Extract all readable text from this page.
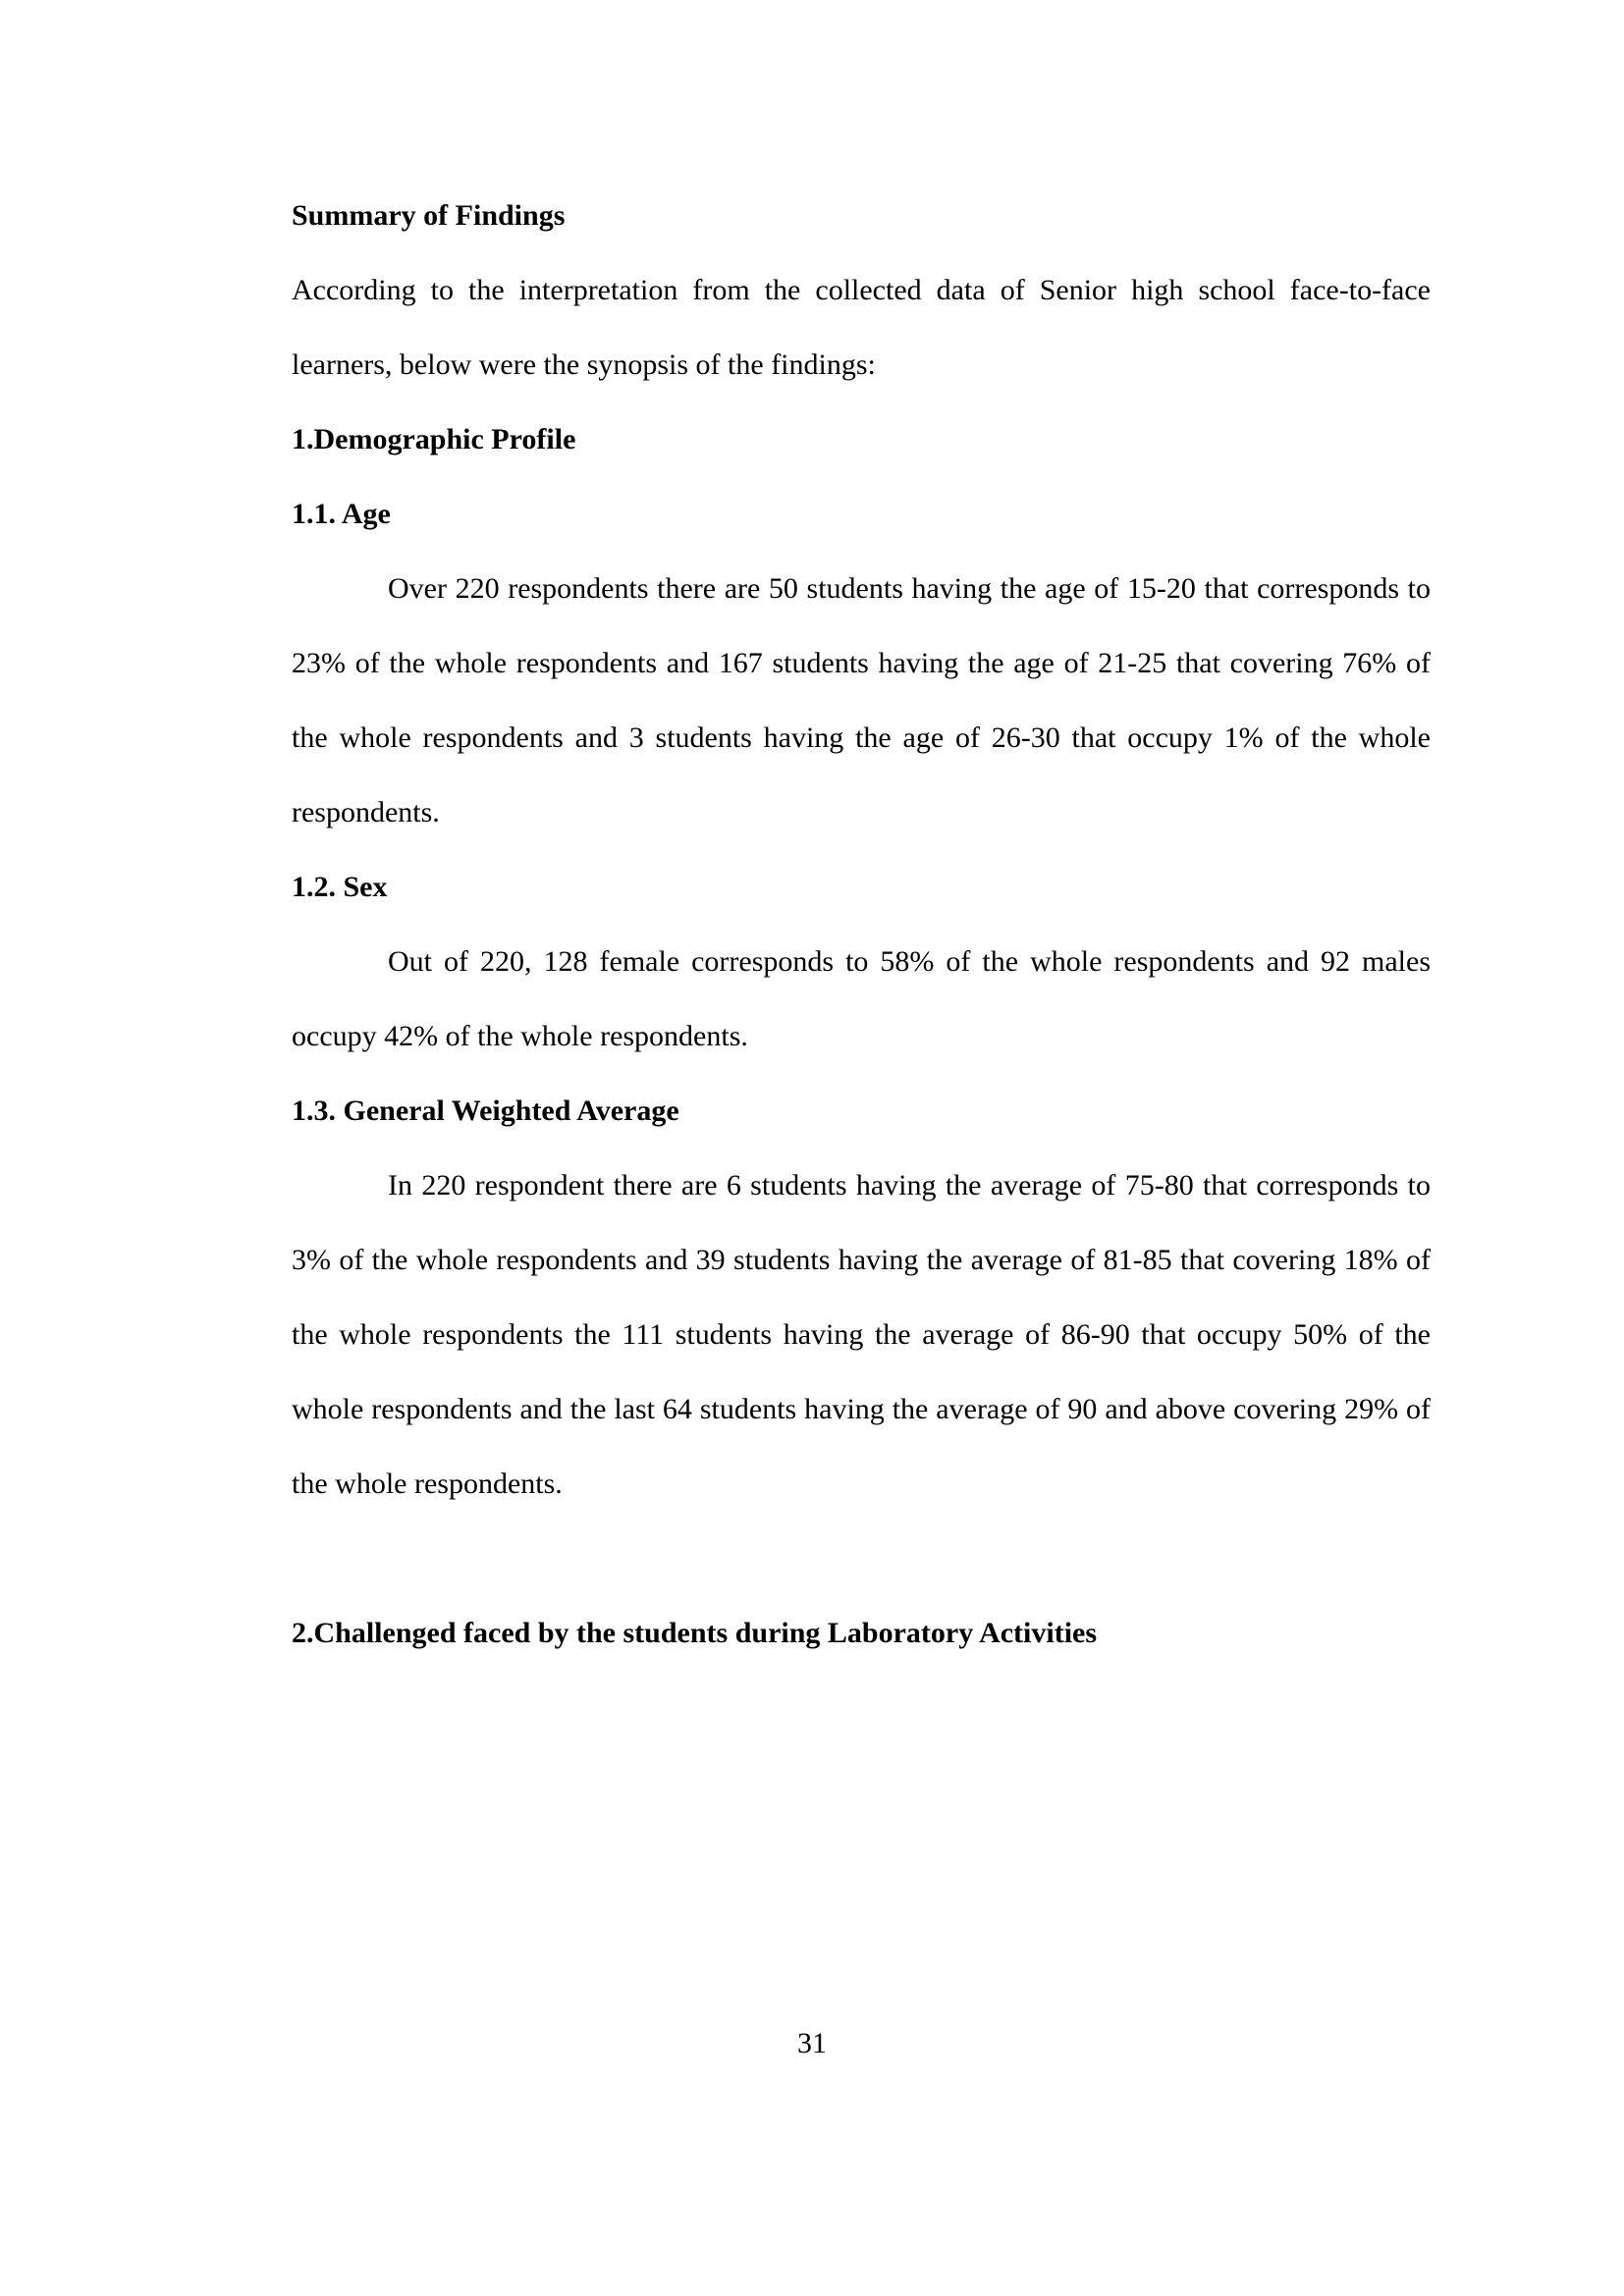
Summary of Findings

According to the interpretation from the collected data of Senior high school face-to-face learners, below were the synopsis of the findings:

1.Demographic Profile
1.1. Age

Over 220 respondents there are 50 students having the age of 15-20 that corresponds to 23% of the whole respondents and 167 students having the age of 21-25 that covering 76% of the whole respondents and 3 students having the age of 26-30 that occupy 1% of the whole respondents.

1.2. Sex

Out of 220, 128 female corresponds to 58% of the whole respondents and 92 males occupy 42% of the whole respondents.

1.3. General Weighted Average

In 220 respondent there are 6 students having the average of 75-80 that corresponds to 3% of the whole respondents and 39 students having the average of 81-85 that covering 18% of the whole respondents the 111 students having the average of 86-90 that occupy 50% of the whole respondents and the last 64 students having the average of 90 and above covering 29% of the whole respondents.

2.Challenged faced by the students during Laboratory Activities
31
